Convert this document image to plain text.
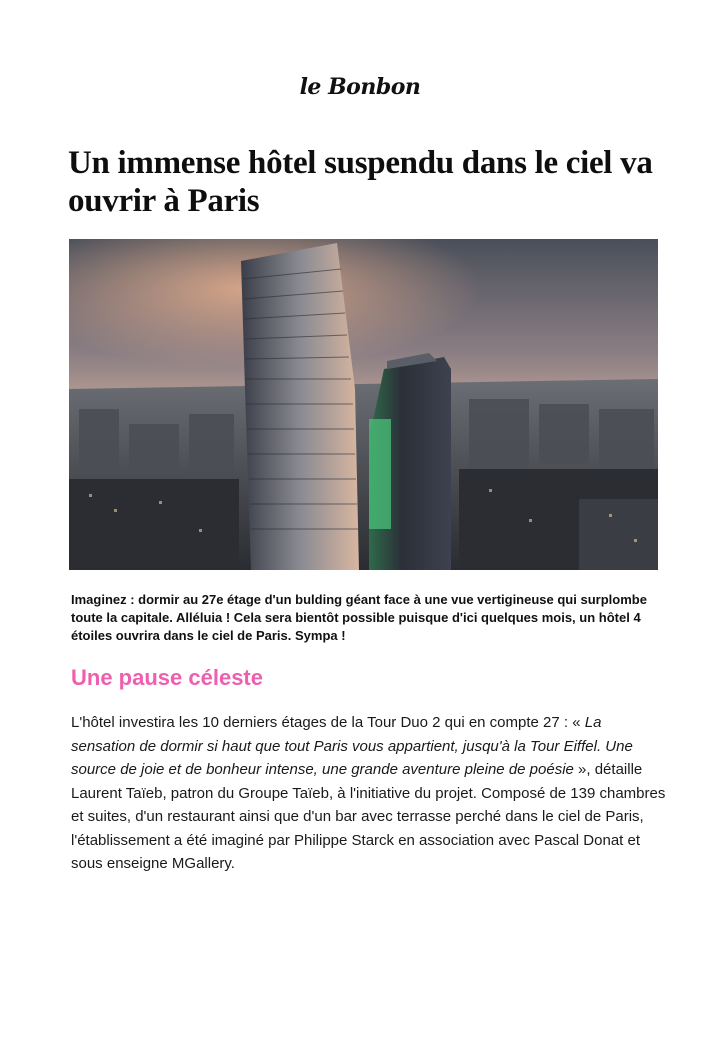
le Bonbon
Un immense hôtel suspendu dans le ciel va ouvrir à Paris

Imaginez : dormir au 27e étage d'un bulding géant face à une vue vertigineuse qui surplombe toute la capitale. Alléluia ! Cela sera bientôt possible puisque d'ici quelques mois, un hôtel 4 étoiles ouvrira dans le ciel de Paris. Sympa !

Une pause céleste

L'hôtel investira les 10 derniers étages de la Tour Duo 2 qui en compte 27 : « La sensation de dormir si haut que tout Paris vous appartient, jusqu'à la Tour Eiffel. Une source de joie et de bonheur intense, une grande aventure pleine de poésie », détaille Laurent Taïeb, patron du Groupe Taïeb, à l'initiative du projet. Composé de 139 chambres et suites, d'un restaurant ainsi que d'un bar avec terrasse perché dans le ciel de Paris, l'établissement a été imaginé par Philippe Starck en association avec Pascal Donat et sous enseigne MGallery.
